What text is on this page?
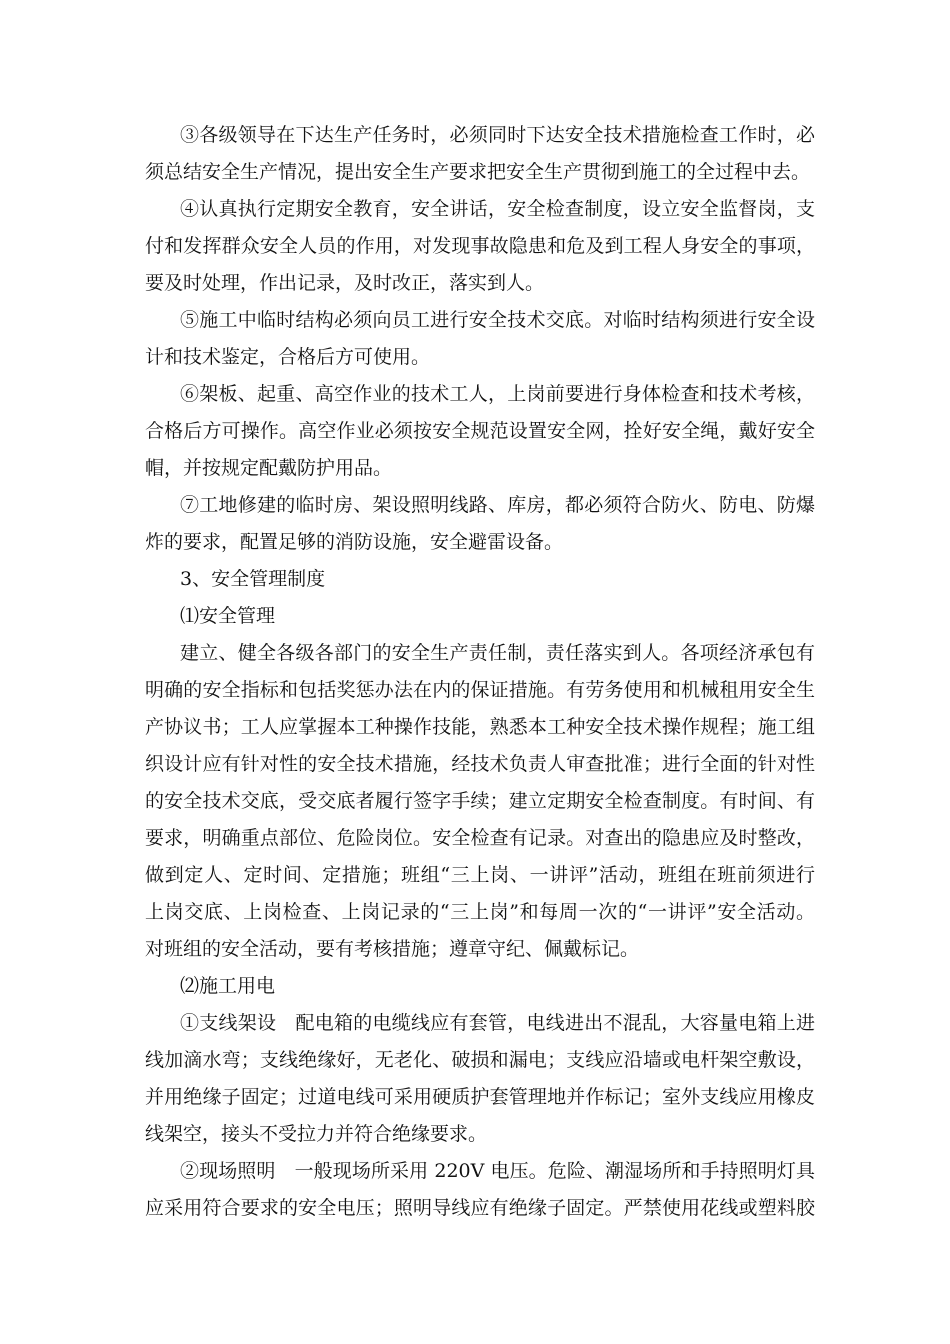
③各级领导在下达生产任务时，必须同时下达安全技术措施检查工作时，必
须总结安全生产情况，提出安全生产要求把安全生产贯彻到施工的全过程中去。
④认真执行定期安全教育，安全讲话，安全检查制度，设立安全监督岗，支
付和发挥群众安全人员的作用，对发现事故隐患和危及到工程人身安全的事项，
要及时处理，作出记录，及时改正，落实到人。
⑤施工中临时结构必须向员工进行安全技术交底。对临时结构须进行安全设
计和技术鉴定，合格后方可使用。
⑥架板、起重、高空作业的技术工人，上岗前要进行身体检查和技术考核，
合格后方可操作。高空作业必须按安全规范设置安全网，拴好安全绳，戴好安全
帽，并按规定配戴防护用品。
⑦工地修建的临时房、架设照明线路、库房，都必须符合防火、防电、防爆
炸的要求，配置足够的消防设施，安全避雷设备。
3、安全管理制度
⑴安全管理
建立、健全各级各部门的安全生产责任制，责任落实到人。各项经济承包有
明确的安全指标和包括奖惩办法在内的保证措施。有劳务使用和机械租用安全生
产协议书；工人应掌握本工种操作技能，熟悉本工种安全技术操作规程；施工组
织设计应有针对性的安全技术措施，经技术负责人审查批准；进行全面的针对性
的安全技术交底，受交底者履行签字手续；建立定期安全检查制度。有时间、有
要求，明确重点部位、危险岗位。安全检查有记录。对查出的隐患应及时整改，
做到定人、定时间、定措施；班组“三上岗、一讲评”活动，班组在班前须进行
上岗交底、上岗检查、上岗记录的“三上岗”和每周一次的“一讲评”安全活动。
对班组的安全活动，要有考核措施；遵章守纪、佩戴标记。
⑵施工用电
①支线架设　配电箱的电缆线应有套管，电线进出不混乱，大容量电箱上进
线加滴水弯；支线绝缘好，无老化、破损和漏电；支线应沿墙或电杆架空敷设，
并用绝缘子固定；过道电线可采用硬质护套管理地并作标记；室外支线应用橡皮
线架空，接头不受拉力并符合绝缘要求。
②现场照明　一般现场所采用 220V 电压。危险、潮湿场所和手持照明灯具
应采用符合要求的安全电压；照明导线应有绝缘子固定。严禁使用花线或塑料胶
